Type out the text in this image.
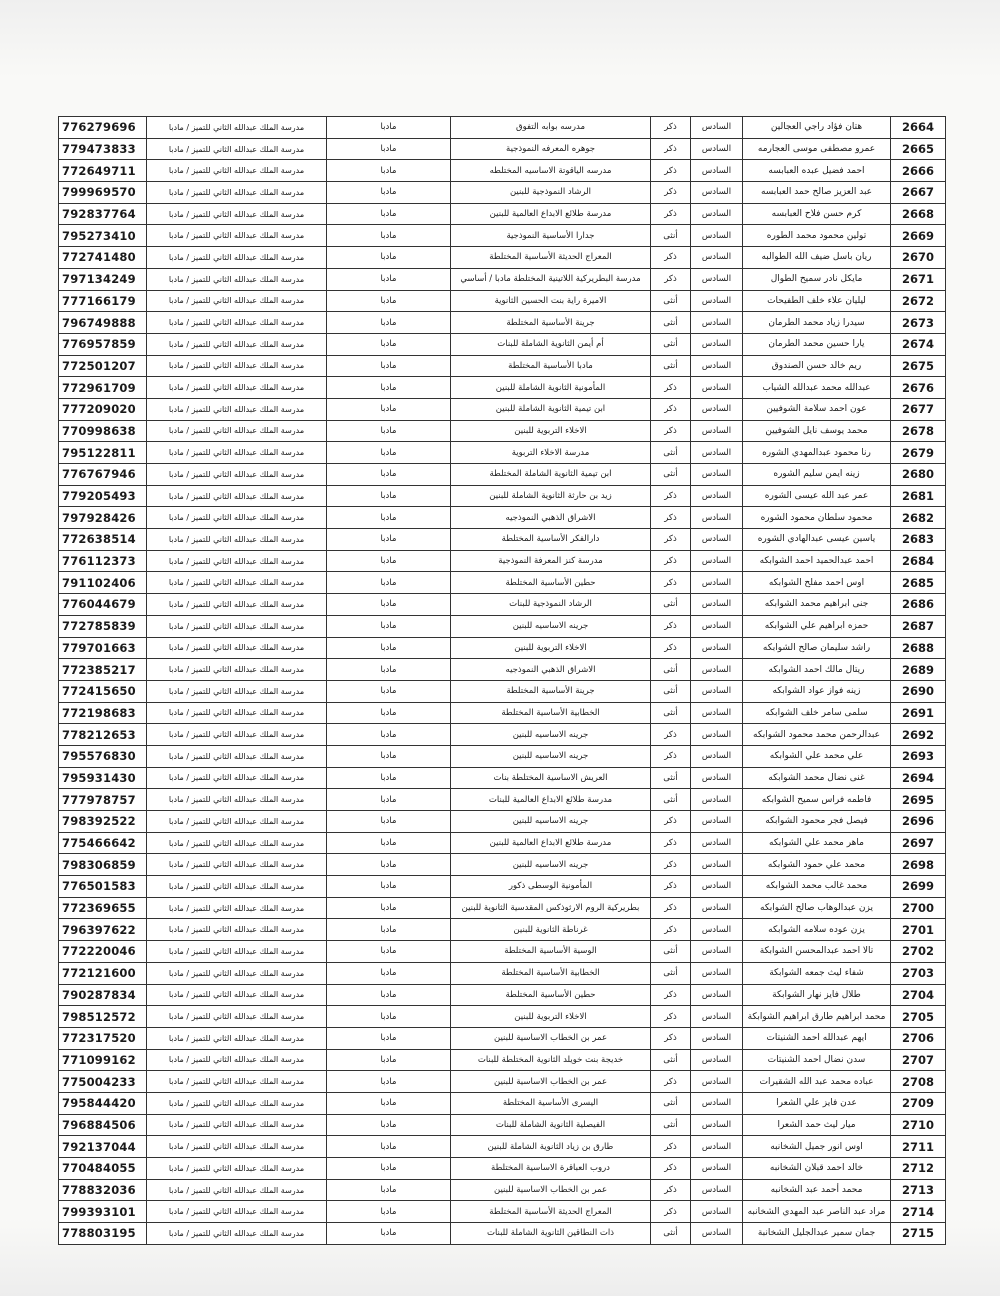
776279696	مدرسة الملك عبدالله الثاني للتميز / مادبا	مادبا	مدرسه بوابه التفوق	ذكر	السادس	هتان فؤاد راجي العجالين	2664
779473833	مدرسة الملك عبدالله الثاني للتميز / مادبا	مادبا	جوهره المعرفه النموذجية	ذكر	السادس	عمرو مصطفى موسى العجارمه	2665
772649711	مدرسة الملك عبدالله الثاني للتميز / مادبا	مادبا	مدرسه الياقوتة الاساسيه المختلطه	ذكر	السادس	احمد فضيل عبده العبابسه	2666
799969570	مدرسة الملك عبدالله الثاني للتميز / مادبا	مادبا	الرشاد النموذجية للبنين	ذكر	السادس	عبد العزيز صالح حمد العبابسه	2667
792837764	مدرسة الملك عبدالله الثاني للتميز / مادبا	مادبا	مدرسة طلائع الابداع العالمية للبنين	ذكر	السادس	كرم حسن فلاح العبابسه	2668
795273410	مدرسة الملك عبدالله الثاني للتميز / مادبا	مادبا	جدارا الأساسية النموذجية	أنثى	السادس	تولين محمود محمد الطوره	2669
772741480	مدرسة الملك عبدالله الثاني للتميز / مادبا	مادبا	المعراج الحديثة الأساسية المختلطة	ذكر	السادس	ريان باسل ضيف الله الطوالبه	2670
797134249	مدرسة الملك عبدالله الثاني للتميز / مادبا	مادبا	مدرسة البطريركية اللاتينية المختلطة مادبا / أساسي	ذكر	السادس	مايكل نادر سميح الطوال	2671
777166179	مدرسة الملك عبدالله الثاني للتميز / مادبا	مادبا	الاميرة راية بنت الحسين الثانوية	أنثى	السادس	ليليان علاء خلف الطفيحات	2672
796749888	مدرسة الملك عبدالله الثاني للتميز / مادبا	مادبا	جرينة الأساسية المختلطة	أنثى	السادس	سيدرا زياد محمد الطرمان	2673
776957859	مدرسة الملك عبدالله الثاني للتميز / مادبا	مادبا	أم أيمن الثانوية الشاملة للبنات	أنثى	السادس	يارا حسين محمد الطرمان	2674
772501207	مدرسة الملك عبدالله الثاني للتميز / مادبا	مادبا	مادبا الأساسية المختلطة	أنثى	السادس	ريم خالد حسن الصندوق	2675
772961709	مدرسة الملك عبدالله الثاني للتميز / مادبا	مادبا	المأمونية الثانوية الشاملة للبنين	ذكر	السادس	عبدالله محمد عبدالله الشياب	2676
777209020	مدرسة الملك عبدالله الثاني للتميز / مادبا	مادبا	ابن تيمية الثانوية الشاملة للبنين	ذكر	السادس	عون احمد سلامة الشوفيين	2677
770998638	مدرسة الملك عبدالله الثاني للتميز / مادبا	مادبا	الاخلاء التربوية للبنين	ذكر	السادس	محمد يوسف نايل الشوفيين	2678
795122811	مدرسة الملك عبدالله الثاني للتميز / مادبا	مادبا	مدرسة الاخلاء التربوية	أنثى	السادس	رنا محمود عبدالمهدي الشوره	2679
776767946	مدرسة الملك عبدالله الثاني للتميز / مادبا	مادبا	ابن تيمية الثانوية الشاملة المختلطة	أنثى	السادس	زينه ايمن سليم الشوره	2680
779205493	مدرسة الملك عبدالله الثاني للتميز / مادبا	مادبا	زيد بن حارثة الثانوية الشاملة للبنين	ذكر	السادس	عمر عبد الله عيسى الشوره	2681
797928426	مدرسة الملك عبدالله الثاني للتميز / مادبا	مادبا	الاشراق الذهبي النموذجيه	ذكر	السادس	محمود سلطان محمود الشوره	2682
772638514	مدرسة الملك عبدالله الثاني للتميز / مادبا	مادبا	دارالفكر الأساسية المختلطة	ذكر	السادس	ياسين عيسى عبدالهادي الشوره	2683
776112373	مدرسة الملك عبدالله الثاني للتميز / مادبا	مادبا	مدرسة كنز المعرفة النموذجية	ذكر	السادس	احمد عبدالحميد احمد الشوابكه	2684
791102406	مدرسة الملك عبدالله الثاني للتميز / مادبا	مادبا	حطين الأساسية المختلطة	ذكر	السادس	اوس احمد مفلح الشوابكه	2685
776044679	مدرسة الملك عبدالله الثاني للتميز / مادبا	مادبا	الرشاد النموذجية للبنات	أنثى	السادس	جنى ابراهيم محمد الشوابكه	2686
772785839	مدرسة الملك عبدالله الثاني للتميز / مادبا	مادبا	جرينه الاساسيه للبنين	ذكر	السادس	حمزه ابراهيم علي الشوابكه	2687
779701663	مدرسة الملك عبدالله الثاني للتميز / مادبا	مادبا	الاخلاء التربوية للبنين	ذكر	السادس	راشد سليمان صالح الشوابكه	2688
772385217	مدرسة الملك عبدالله الثاني للتميز / مادبا	مادبا	الاشراق الذهبي النموذجيه	أنثى	السادس	ريتال مالك احمد الشوابكه	2689
772415650	مدرسة الملك عبدالله الثاني للتميز / مادبا	مادبا	جرينة الأساسية المختلطة	أنثى	السادس	زينه فواز عواد الشوابكه	2690
772198683	مدرسة الملك عبدالله الثاني للتميز / مادبا	مادبا	الخطابية الأساسية المختلطة	أنثى	السادس	سلمى سامر خلف الشوابكه	2691
778212653	مدرسة الملك عبدالله الثاني للتميز / مادبا	مادبا	جرينه الاساسيه للبنين	ذكر	السادس	عبدالرحمن محمد محمود الشوابكه	2692
795576830	مدرسة الملك عبدالله الثاني للتميز / مادبا	مادبا	جرينه الاساسيه للبنين	ذكر	السادس	علي محمد علي الشوابكه	2693
795931430	مدرسة الملك عبدالله الثاني للتميز / مادبا	مادبا	العريش الاساسية المختلطة بنات	أنثى	السادس	غنى نضال محمد الشوابكه	2694
777978757	مدرسة الملك عبدالله الثاني للتميز / مادبا	مادبا	مدرسة طلائع الابداع العالمية للبنات	أنثى	السادس	فاطمه فراس سميح الشوابكه	2695
798392522	مدرسة الملك عبدالله الثاني للتميز / مادبا	مادبا	جرينه الاساسيه للبنين	ذكر	السادس	فيصل فجر محمود الشوابكه	2696
775466642	مدرسة الملك عبدالله الثاني للتميز / مادبا	مادبا	مدرسة طلائع الابداع العالمية للبنين	ذكر	السادس	ماهر محمد علي الشوابكه	2697
798306859	مدرسة الملك عبدالله الثاني للتميز / مادبا	مادبا	جرينه الاساسيه للبنين	ذكر	السادس	محمد علي حمود الشوابكه	2698
776501583	مدرسة الملك عبدالله الثاني للتميز / مادبا	مادبا	المأمونية الوسطى ذكور	ذكر	السادس	محمد غالب محمد الشوابكه	2699
772369655	مدرسة الملك عبدالله الثاني للتميز / مادبا	مادبا	بطريركية الروم الارثوذكس المقدسية الثانوية للبنين	ذكر	السادس	يزن عبدالوهاب صالح الشوابكه	2700
796397622	مدرسة الملك عبدالله الثاني للتميز / مادبا	مادبا	غرناطة الثانوية للبنين	ذكر	السادس	يزن عوده سلامه الشوابكه	2701
772220046	مدرسة الملك عبدالله الثاني للتميز / مادبا	مادبا	الوسية الأساسية المختلطة	أنثى	السادس	تالا احمد عبدالمحسن الشوابكة	2702
772121600	مدرسة الملك عبدالله الثاني للتميز / مادبا	مادبا	الخطابية الأساسية المختلطة	أنثى	السادس	شفاء ليث جمعه الشوابكة	2703
790287834	مدرسة الملك عبدالله الثاني للتميز / مادبا	مادبا	حطين الأساسية المختلطة	ذكر	السادس	طلال فايز نهار الشوابكة	2704
798512572	مدرسة الملك عبدالله الثاني للتميز / مادبا	مادبا	الاخلاء التربوية للبنين	ذكر	السادس	محمد ابراهيم طارق ابراهيم الشوابكة	2705
772317520	مدرسة الملك عبدالله الثاني للتميز / مادبا	مادبا	عمر بن الخطاب الاساسية للبنين	ذكر	السادس	ايهم عبدالله احمد الشنيتات	2706
771099162	مدرسة الملك عبدالله الثاني للتميز / مادبا	مادبا	خديجة بنت خويلد الثانوية المختلطة للبنات	أنثى	السادس	سدن نضال احمد الشنيتات	2707
775004233	مدرسة الملك عبدالله الثاني للتميز / مادبا	مادبا	عمر بن الخطاب الاساسية للبنين	ذكر	السادس	عباده محمد عبد الله الشقيرات	2708
795844420	مدرسة الملك عبدالله الثاني للتميز / مادبا	مادبا	اليسرى الأساسية المختلطة	أنثى	السادس	عدن فايز علي الشعرا	2709
796884506	مدرسة الملك عبدالله الثاني للتميز / مادبا	مادبا	الفيصلية الثانوية الشاملة للبنات	أنثى	السادس	ميار ليث حمد الشعرا	2710
792137044	مدرسة الملك عبدالله الثاني للتميز / مادبا	مادبا	طارق بن زياد الثانوية الشاملة للبنين	ذكر	السادس	اوس انور جميل الشخانبه	2711
770484055	مدرسة الملك عبدالله الثاني للتميز / مادبا	مادبا	دروب العباقرة الاساسية المختلطة	ذكر	السادس	خالد احمد قبلان الشخانبه	2712
778832036	مدرسة الملك عبدالله الثاني للتميز / مادبا	مادبا	عمر بن الخطاب الاساسية للبنين	ذكر	السادس	محمد أحمد عبد الشخانبه	2713
799393101	مدرسة الملك عبدالله الثاني للتميز / مادبا	مادبا	المعراج الحديثة الأساسية المختلطة	ذكر	السادس	مراد عبد الناصر عبد المهدي الشخانبه	2714
778803195	مدرسة الملك عبدالله الثاني للتميز / مادبا	مادبا	ذات النطاقين الثانوية الشاملة للبنات	أنثى	السادس	جمان سمير عبدالجليل الشخانبة	2715
